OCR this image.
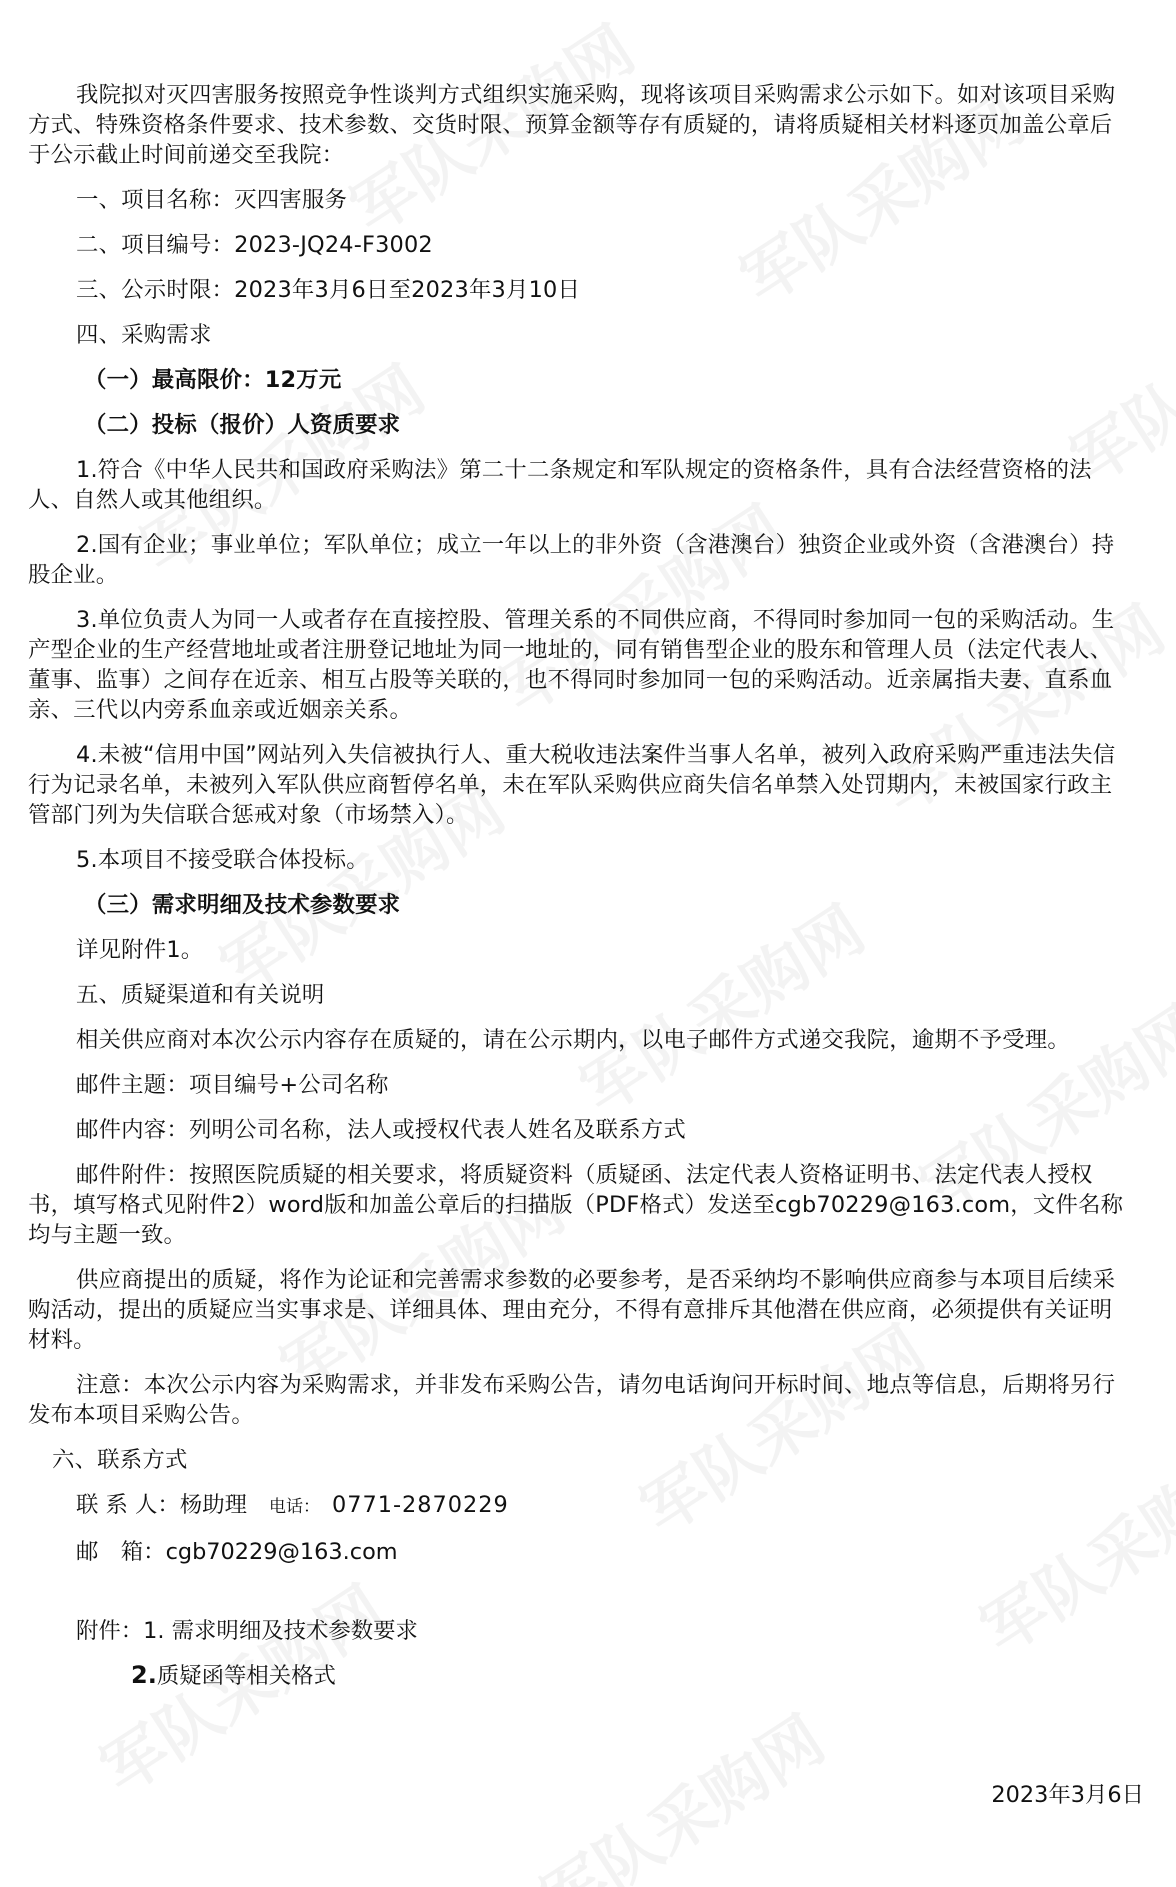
我院拟对灭四害服务按照竞争性谈判方式组织实施采购，现将该项目采购需求公示如下。如对该项目采购方式、特殊资格条件要求、技术参数、交货时限、预算金额等存有质疑的，请将质疑相关材料逐页加盖公章后于公示截止时间前递交至我院：

一、项目名称：灭四害服务

二、项目编号：2023-JQ24-F3002

三、公示时限：2023年3月6日至2023年3月10日

四、采购需求

（一）最高限价：12万元

（二）投标（报价）人资质要求

1.符合《中华人民共和国政府采购法》第二十二条规定和军队规定的资格条件，具有合法经营资格的法人、自然人或其他组织。

2.国有企业；事业单位；军队单位；成立一年以上的非外资（含港澳台）独资企业或外资（含港澳台）持股企业。

3.单位负责人为同一人或者存在直接控股、管理关系的不同供应商，不得同时参加同一包的采购活动。生产型企业的生产经营地址或者注册登记地址为同一地址的，同有销售型企业的股东和管理人员（法定代表人、董事、监事）之间存在近亲、相互占股等关联的，也不得同时参加同一包的采购活动。近亲属指夫妻、直系血亲、三代以内旁系血亲或近姻亲关系。

4.未被“信用中国”网站列入失信被执行人、重大税收违法案件当事人名单，被列入政府采购严重违法失信行为记录名单，未被列入军队供应商暂停名单，未在军队采购供应商失信名单禁入处罚期内，未被国家行政主管部门列为失信联合惩戒对象（市场禁入）。

5.本项目不接受联合体投标。

（三）需求明细及技术参数要求

详见附件1。

五、质疑渠道和有关说明

相关供应商对本次公示内容存在质疑的，请在公示期内，以电子邮件方式递交我院，逾期不予受理。

邮件主题：项目编号+公司名称

邮件内容：列明公司名称，法人或授权代表人姓名及联系方式

邮件附件：按照医院质疑的相关要求，将质疑资料（质疑函、法定代表人资格证明书、法定代表人授权书，填写格式见附件2）word版和加盖公章后的扫描版（PDF格式）发送至cgb70229@163.com，文件名称均与主题一致。

供应商提出的质疑，将作为论证和完善需求参数的必要参考，是否采纳均不影响供应商参与本项目后续采购活动，提出的质疑应当实事求是、详细具体、理由充分，不得有意排斥其他潜在供应商，必须提供有关证明材料。

注意：本次公示内容为采购需求，并非发布采购公告，请勿电话询问开标时间、地点等信息，后期将另行发布本项目采购公告。

六、联系方式

联 系 人：杨助理 电话： 0771-2870229

邮　箱：cgb70229@163.com

附件：1. 需求明细及技术参数要求

2.质疑函等相关格式

2023年3月6日
